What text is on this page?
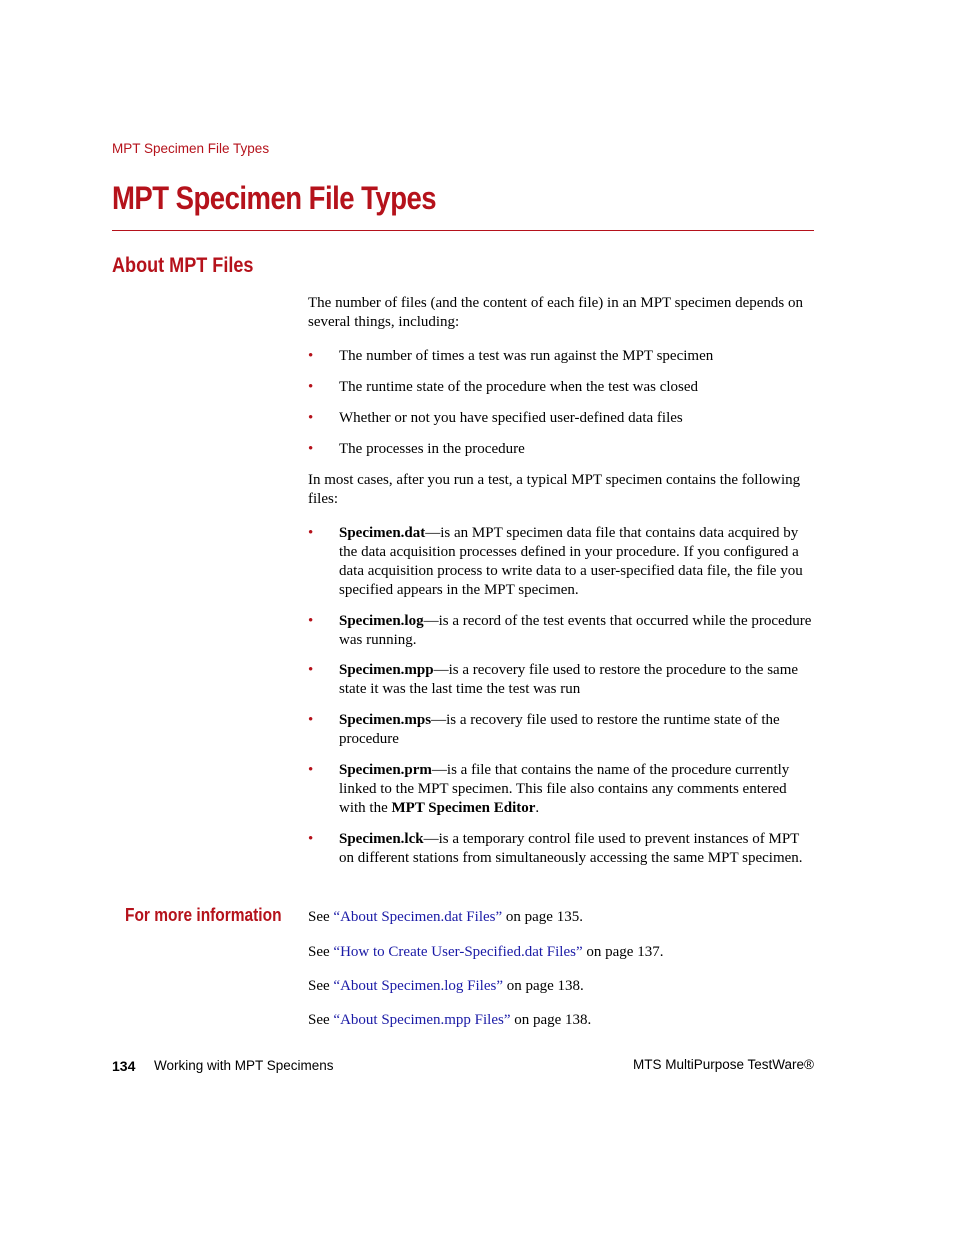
MPT Specimen File Types
MPT Specimen File Types
About MPT Files

The number of files (and the content of each file) in an MPT specimen depends on several things, including:

• The number of times a test was run against the MPT specimen
• The runtime state of the procedure when the test was closed
• Whether or not you have specified user-defined data files
• The processes in the procedure

In most cases, after you run a test, a typical MPT specimen contains the following files:

• Specimen.dat—is an MPT specimen data file that contains data acquired by the data acquisition processes defined in your procedure. If you configured a data acquisition process to write data to a user-specified data file, the file you specified appears in the MPT specimen.
• Specimen.log—is a record of the test events that occurred while the procedure was running.
• Specimen.mpp—is a recovery file used to restore the procedure to the same state it was the last time the test was run
• Specimen.mps—is a recovery file used to restore the runtime state of the procedure
• Specimen.prm—is a file that contains the name of the procedure currently linked to the MPT specimen. This file also contains any comments entered with the MPT Specimen Editor.
• Specimen.lck—is a temporary control file used to prevent instances of MPT on different stations from simultaneously accessing the same MPT specimen.
For more information See “About Specimen.dat Files” on page 135.

See “How to Create User-Specified.dat Files” on page 137.

See “About Specimen.log Files” on page 138.

See “About Specimen.mpp Files” on page 138.

134 Working with MPT Specimens	MTS MultiPurpose TestWare®
